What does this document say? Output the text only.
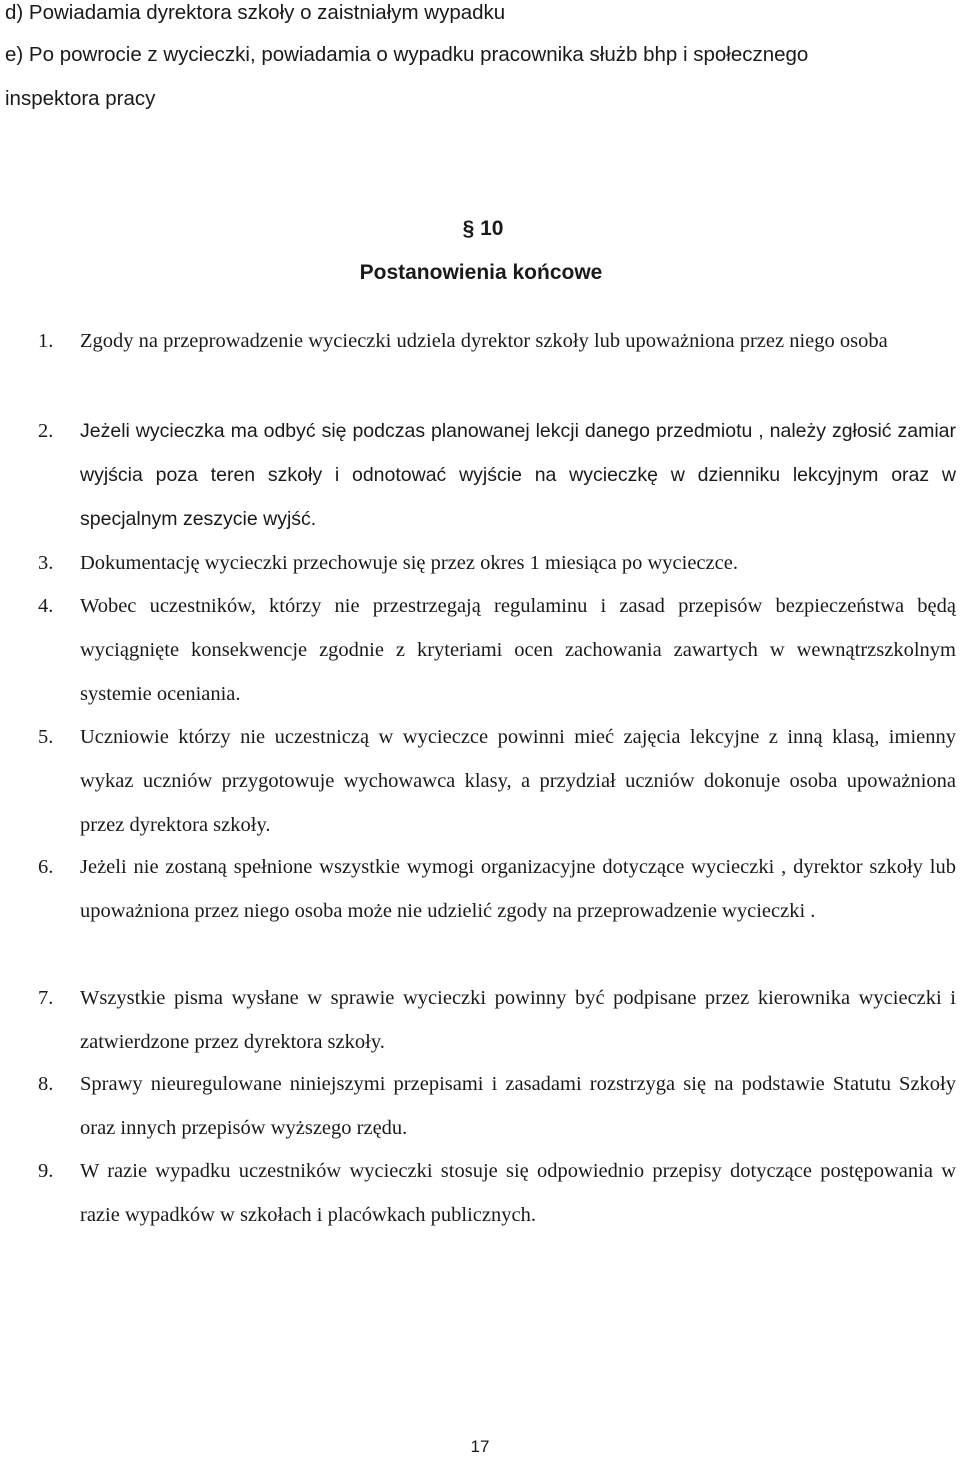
d) Powiadamia dyrektora szkoły o zaistniałym wypadku
e) Po powrocie z wycieczki, powiadamia o wypadku pracownika służb bhp i społecznego
inspektora pracy
§ 10
Postanowienia końcowe
1.	Zgody na przeprowadzenie wycieczki udziela dyrektor szkoły lub upoważniona przez niego osoba
2.	Jeżeli wycieczka ma odbyć się podczas planowanej lekcji danego przedmiotu , należy zgłosić zamiar wyjścia poza teren szkoły i odnotować wyjście na wycieczkę w dzienniku lekcyjnym oraz w specjalnym zeszycie wyjść.
3.	Dokumentację wycieczki przechowuje się przez okres 1 miesiąca po wycieczce.
4.	Wobec uczestników, którzy nie przestrzegają regulaminu i zasad przepisów bezpieczeństwa będą wyciągnięte konsekwencje zgodnie z kryteriami ocen zachowania zawartych w wewnątrzszkolnym systemie oceniania.
5.	Uczniowie którzy nie uczestniczą w wycieczce powinni mieć zajęcia lekcyjne z inną klasą, imienny wykaz uczniów przygotowuje wychowawca klasy, a przydział uczniów dokonuje osoba upoważniona przez dyrektora szkoły.
6.	Jeżeli nie zostaną spełnione wszystkie wymogi organizacyjne dotyczące wycieczki , dyrektor szkoły lub upoważniona przez niego osoba może nie udzielić zgody na przeprowadzenie wycieczki .
7.	Wszystkie pisma wysłane w sprawie wycieczki powinny być podpisane przez kierownika wycieczki i zatwierdzone przez dyrektora szkoły.
8.	Sprawy nieuregulowane niniejszymi przepisami i zasadami rozstrzyga się na podstawie Statutu Szkoły oraz innych przepisów wyższego rzędu.
9.	W razie wypadku uczestników wycieczki stosuje się odpowiednio przepisy dotyczące postępowania w razie wypadków w szkołach i placówkach publicznych.
17
